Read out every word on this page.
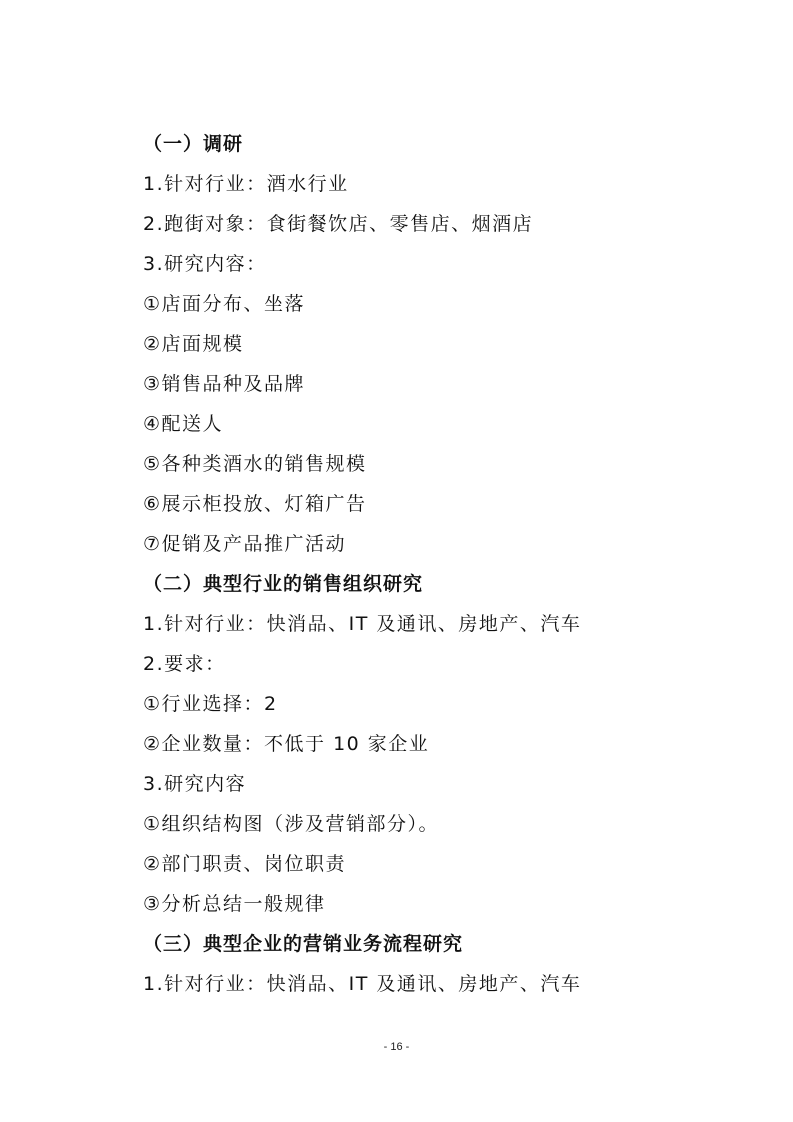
（一）调研
1.针对行业：酒水行业
2.跑街对象：食街餐饮店、零售店、烟酒店
3.研究内容：
①店面分布、坐落
②店面规模
③销售品种及品牌
④配送人
⑤各种类酒水的销售规模
⑥展示柜投放、灯箱广告
⑦促销及产品推广活动
（二）典型行业的销售组织研究
1.针对行业：快消品、IT 及通讯、房地产、汽车
2.要求：
①行业选择：2
②企业数量：不低于 10 家企业
3.研究内容
①组织结构图（涉及营销部分）。
②部门职责、岗位职责
③分析总结一般规律
（三）典型企业的营销业务流程研究
1.针对行业：快消品、IT 及通讯、房地产、汽车
- 16 -
